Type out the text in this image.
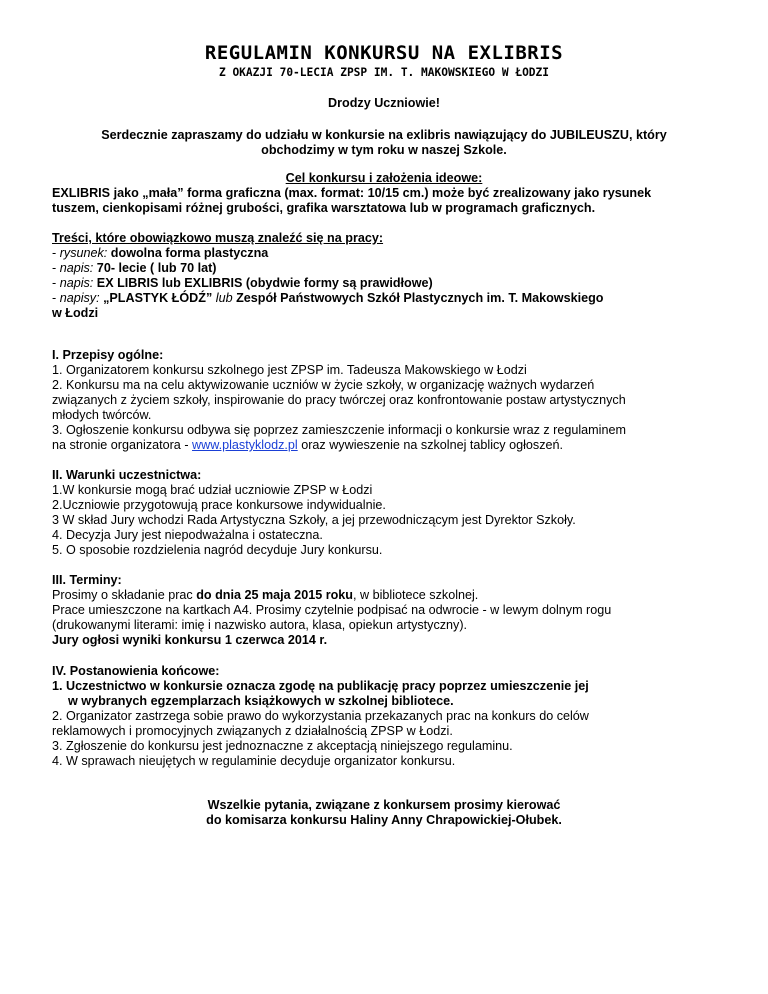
REGULAMIN KONKURSU NA EXLIBRIS
Z OKAZJI 70-LECIA ZPSP IM. T. MAKOWSKIEGO W ŁODZI
Drodzy Uczniowie!
Serdecznie zapraszamy do udziału w konkursie na exlibris nawiązujący do JUBILEUSZU, który
obchodzimy w tym roku w naszej Szkole.
Cel konkursu i założenia ideowe:
EXLIBRIS jako „mała” forma graficzna (max. format: 10/15 cm.) może być zrealizowany jako rysunek
tuszem, cienkopisami różnej grubości, grafika warsztatowa lub w programach graficznych.
Treści, które obowiązkowo muszą znaleźć się na pracy:
- rysunek: dowolna forma plastyczna
- napis: 70- lecie ( lub 70 lat)
- napis: EX LIBRIS lub EXLIBRIS (obydwie formy są prawidłowe)
- napisy: „PLASTYK ŁÓDŹ” lub Zespół Państwowych Szkół Plastycznych im. T. Makowskiego
w Łodzi
I. Przepisy ogólne:
1. Organizatorem konkursu szkolnego jest ZPSP im. Tadeusza Makowskiego w Łodzi
2. Konkursu ma na celu aktywizowanie uczniów w życie szkoły, w organizację ważnych wydarzeń
związanych z życiem szkoły, inspirowanie do pracy twórczej oraz konfrontowanie postaw artystycznych
młodych twórców.
3. Ogłoszenie konkursu odbywa się poprzez zamieszczenie informacji o konkursie wraz z regulaminem
na stronie organizatora - www.plastyklodz.pl oraz wywieszenie na szkolnej tablicy ogłoszeń.
II. Warunki uczestnictwa:
1.W konkursie mogą brać udział uczniowie ZPSP w Łodzi
2.Uczniowie przygotowują prace konkursowe indywidualnie.
3 W skład Jury wchodzi Rada Artystyczna Szkoły, a jej przewodniczącym jest Dyrektor Szkoły.
4. Decyzja Jury jest niepodważalna i ostateczna.
5. O sposobie rozdzielenia nagród decyduje Jury konkursu.
III. Terminy:
Prosimy o składanie prac do dnia 25 maja 2015 roku, w bibliotece szkolnej.
Prace umieszczone na kartkach A4. Prosimy czytelnie podpisać na odwrocie - w lewym dolnym rogu
(drukowanymi literami: imię i nazwisko autora, klasa, opiekun artystyczny).
Jury ogłosi wyniki konkursu 1 czerwca 2014 r.
IV. Postanowienia końcowe:
1. Uczestnictwo w konkursie oznacza zgodę na publikację pracy poprzez umieszczenie jej
w wybranych egzemplarzach książkowych w szkolnej bibliotece.
2. Organizator zastrzega sobie prawo do wykorzystania przekazanych prac na konkurs do celów
reklamowych i promocyjnych związanych z działalnością ZPSP w Łodzi.
3. Zgłoszenie do konkursu jest jednoznaczne z akceptacją niniejszego regulaminu.
4. W sprawach nieujętych w regulaminie decyduje organizator konkursu.
Wszelkie pytania, związane z konkursem prosimy kierować
do komisarza konkursu Haliny Anny Chrapowickiej-Ołubek.
